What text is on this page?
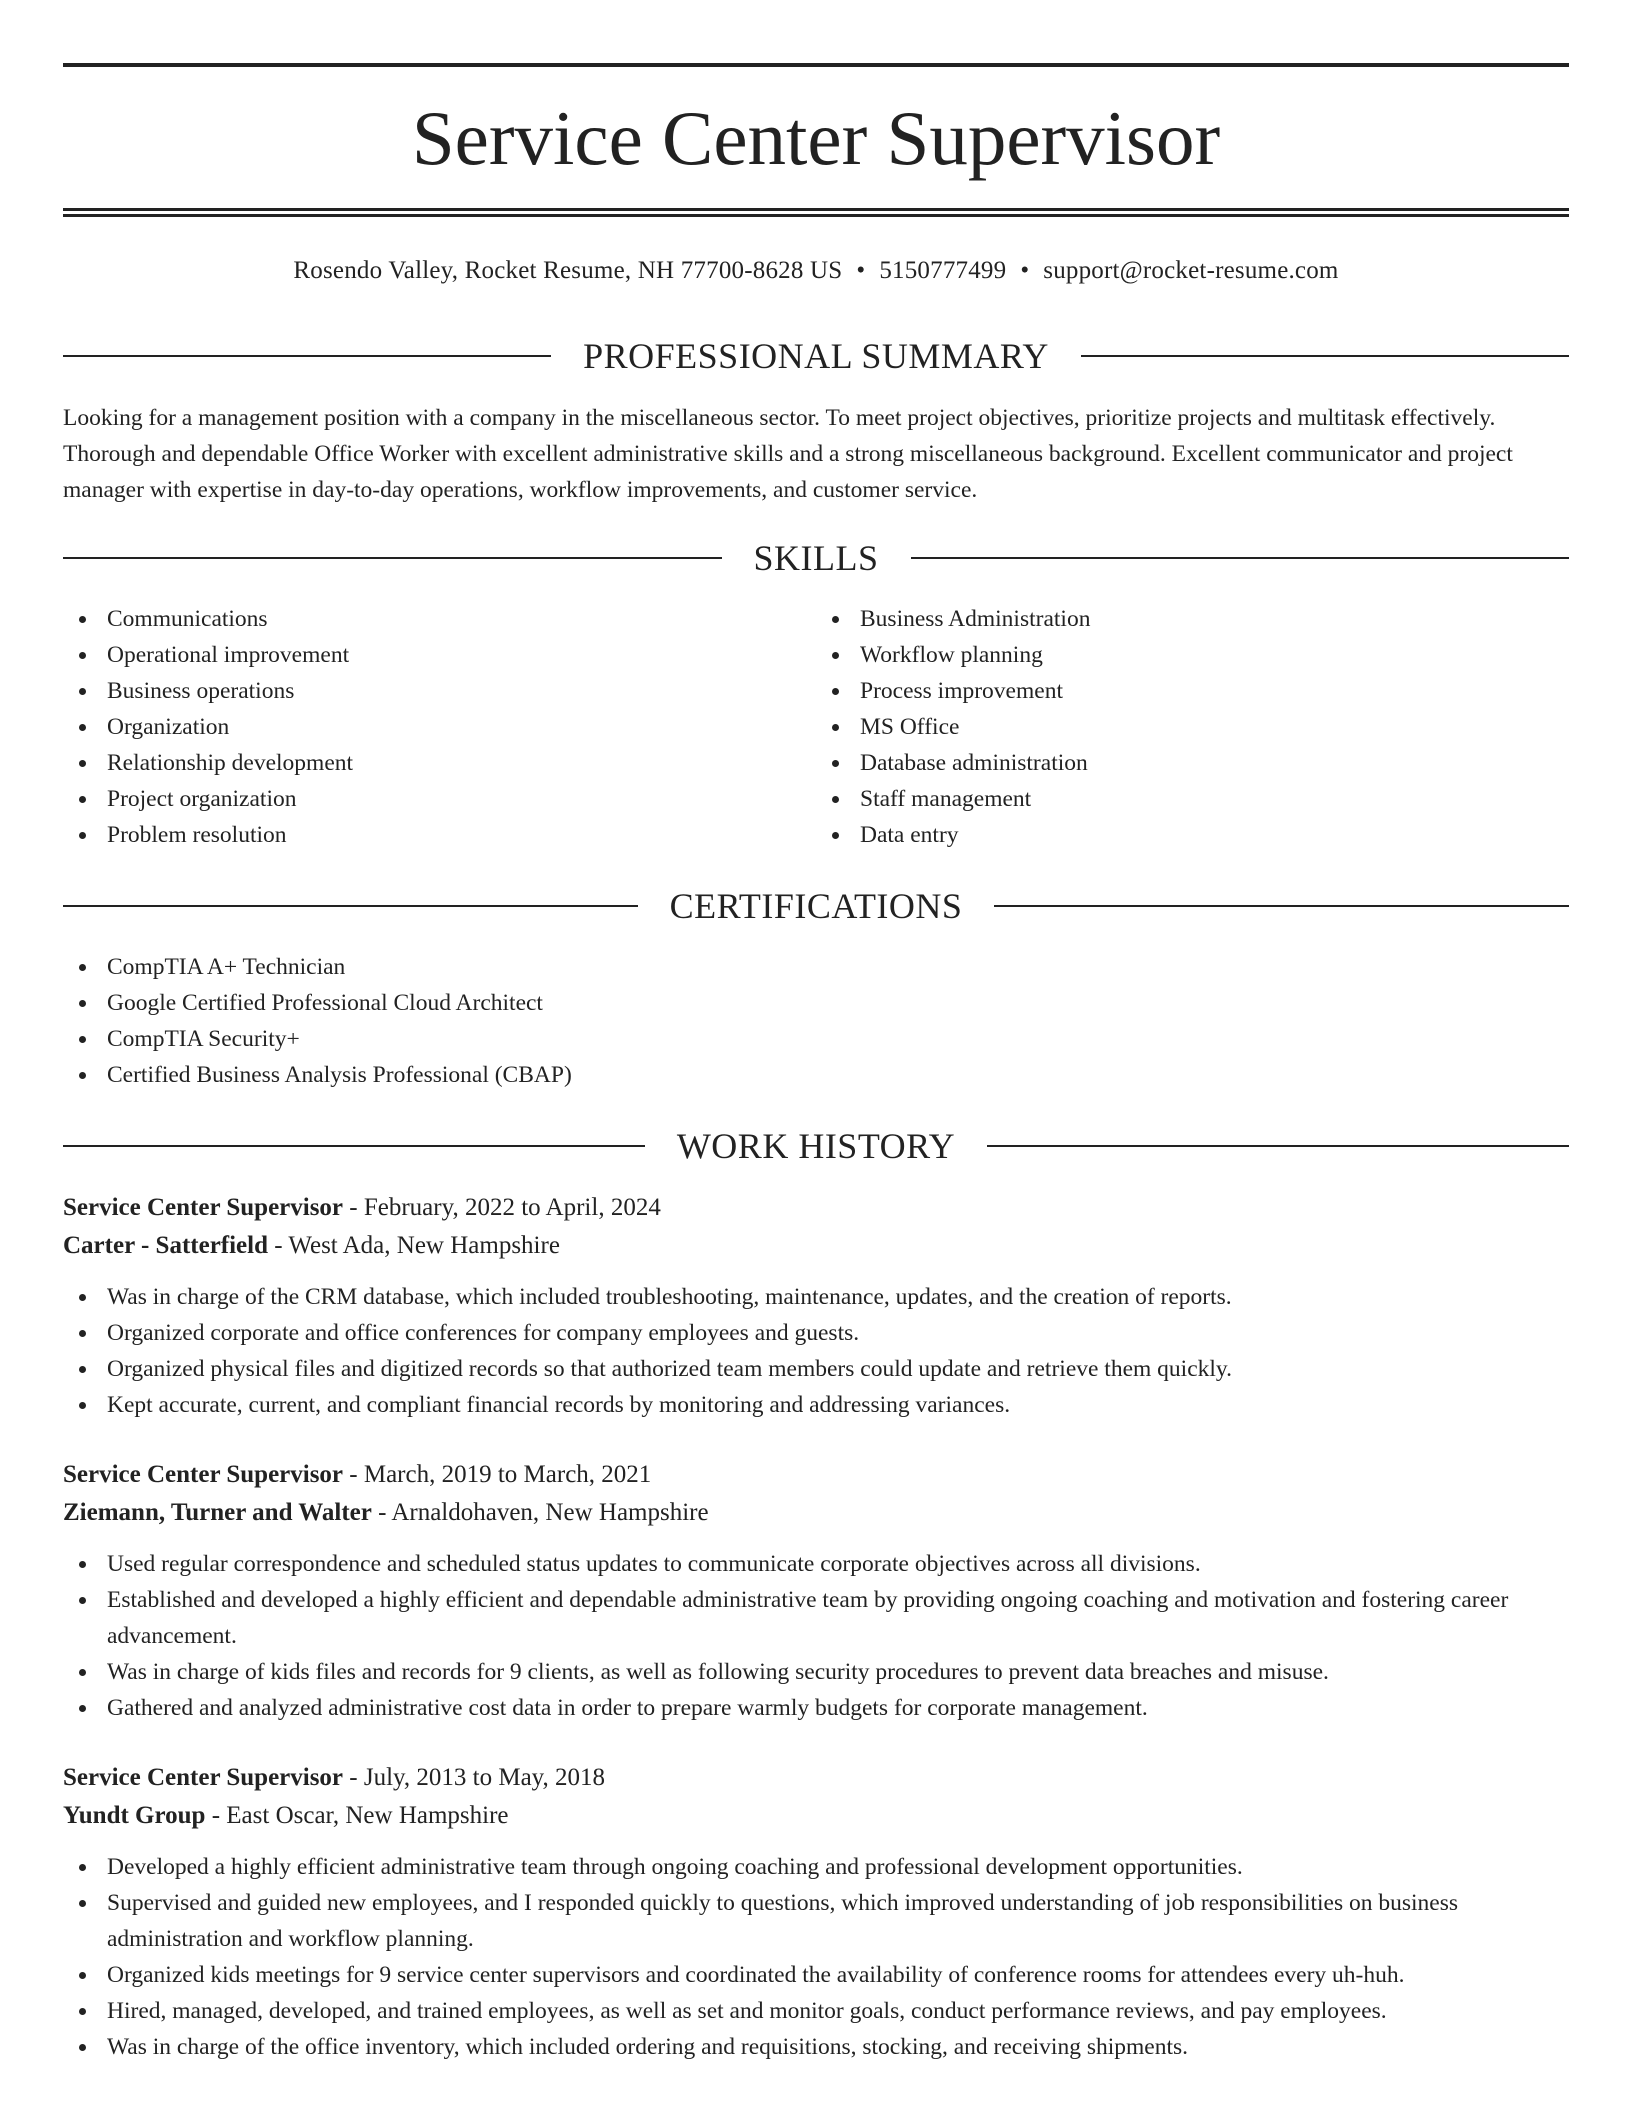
Service Center Supervisor
Rosendo Valley, Rocket Resume, NH 77700-8628 US • 5150777499 • support@rocket-resume.com
PROFESSIONAL SUMMARY

Looking for a management position with a company in the miscellaneous sector. To meet project objectives, prioritize projects and multitask effectively. Thorough and dependable Office Worker with excellent administrative skills and a strong miscellaneous background. Excellent communicator and project manager with expertise in day-to-day operations, workflow improvements, and customer service.

SKILLS
Communications
Operational improvement
Business operations
Organization
Relationship development
Project organization
Problem resolution
Business Administration
Workflow planning
Process improvement
MS Office
Database administration
Staff management
Data entry
CERTIFICATIONS
CompTIA A+ Technician
Google Certified Professional Cloud Architect
CompTIA Security+
Certified Business Analysis Professional (CBAP)
WORK HISTORY
Service Center Supervisor - February, 2022 to April, 2024
Carter - Satterfield - West Ada, New Hampshire
Was in charge of the CRM database, which included troubleshooting, maintenance, updates, and the creation of reports.
Organized corporate and office conferences for company employees and guests.
Organized physical files and digitized records so that authorized team members could update and retrieve them quickly.
Kept accurate, current, and compliant financial records by monitoring and addressing variances.
Service Center Supervisor - March, 2019 to March, 2021
Ziemann, Turner and Walter - Arnaldohaven, New Hampshire
Used regular correspondence and scheduled status updates to communicate corporate objectives across all divisions.
Established and developed a highly efficient and dependable administrative team by providing ongoing coaching and motivation and fostering career advancement.
Was in charge of kids files and records for 9 clients, as well as following security procedures to prevent data breaches and misuse.
Gathered and analyzed administrative cost data in order to prepare warmly budgets for corporate management.
Service Center Supervisor - July, 2013 to May, 2018
Yundt Group - East Oscar, New Hampshire
Developed a highly efficient administrative team through ongoing coaching and professional development opportunities.
Supervised and guided new employees, and I responded quickly to questions, which improved understanding of job responsibilities on business administration and workflow planning.
Organized kids meetings for 9 service center supervisors and coordinated the availability of conference rooms for attendees every uh-huh.
Hired, managed, developed, and trained employees, as well as set and monitor goals, conduct performance reviews, and pay employees.
Was in charge of the office inventory, which included ordering and requisitions, stocking, and receiving shipments.
